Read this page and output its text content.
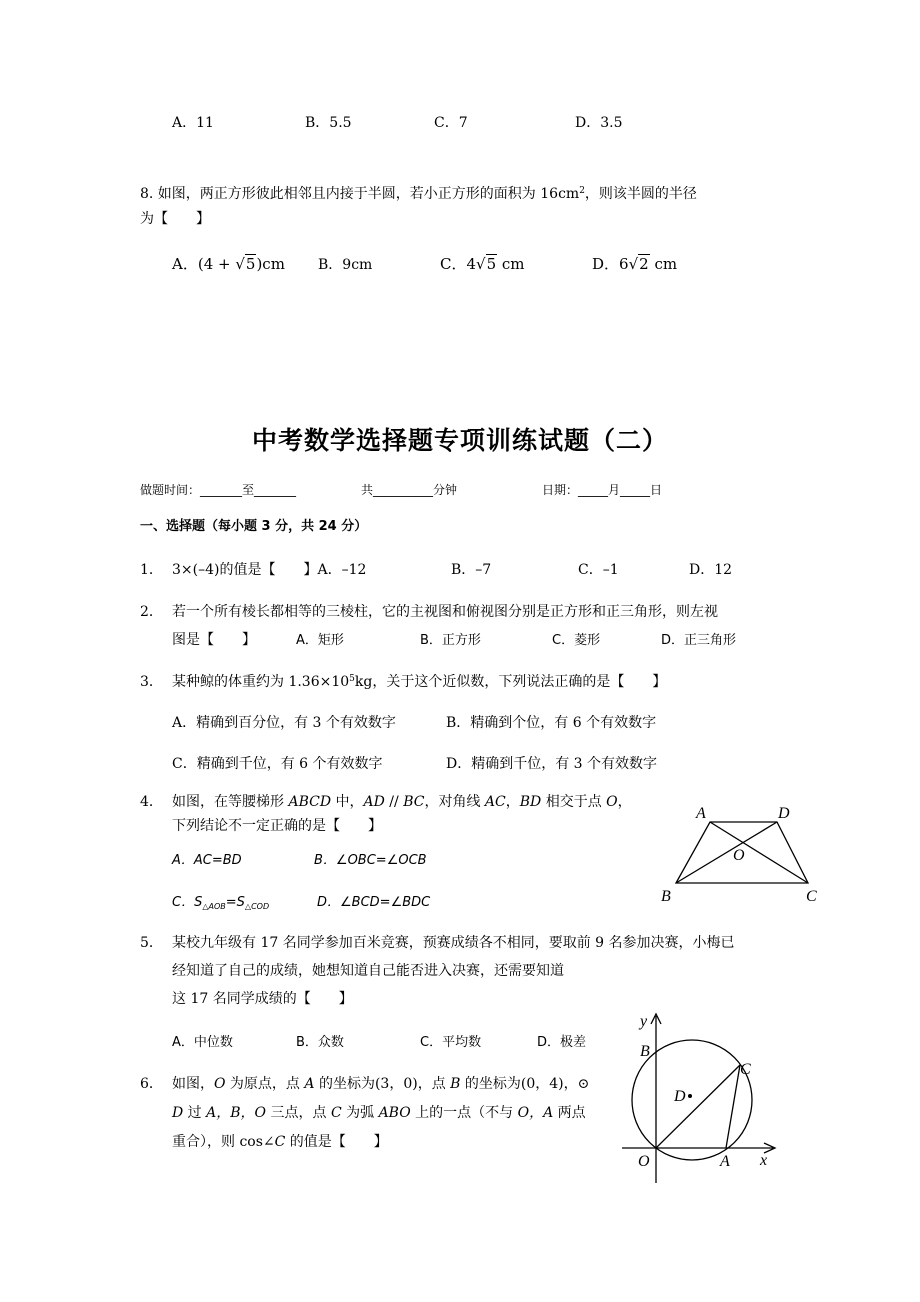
A．11	B．5.5	C．7	D．3.5
8. 如图，两正方形彼此相邻且内接于半圆，若小正方形的面积为 $16cm^2$，则该半圆的半径
为【　　】
A．(4 + √5)cm B．9cm	C．4√5 cm	D．6√2 cm
中考数学选择题专项训练试题（二）
做题时间：_______至_______	共__________分钟	日期：_____月_____日
一、选择题（每小题 3 分，共 24 分）
1． 3×(–4)的值是【　　】A．–12	B．–7	C．–1	D．12
2． 若一个所有棱长都相等的三棱柱，它的主视图和俯视图分别是正方形和正三角形，则左视
图是【　　】	A．矩形	B．正方形	C．菱形	D．正三角形
3． 某种鲸的体重约为 $1.36\times 10^5kg$，关于这个近似数，下列说法正确的是【　　】
A．精确到百分位，有 3 个有效数字	B．精确到个位，有 6 个有效数字
C．精确到千位，有 6 个有效数字	D．精确到千位，有 3 个有效数字
4． 如图，在等腰梯形 ABCD 中，AD // BC，对角线 AC，BD 相交于点 O，
下列结论不一定正确的是【　　】
A．AC=BD	B．∠OBC=∠OCB
C．$S_{\triangle AOB}=S_{\triangle COD}$	D．∠BCD=∠BDC
A	D
O
B	C
5． 某校九年级有 17 名同学参加百米竞赛，预赛成绩各不相同，要取前 9 名参加决赛，小梅已
经知道了自己的成绩，她想知道自己能否进入决赛，还需要知道
这 17 名同学成绩的【　　】
A．中位数	B．众数	C．平均数	D．极差
6． 如图，O 为原点，点 A 的坐标为(3，0)，点 B 的坐标为(0，4)，⊙
D 过 A，B，O 三点，点 C 为弧 ABO 上的一点（不与 O，A 两点
重合），则 cos∠C 的值是【　　】
y
B
C
D
O	A x
